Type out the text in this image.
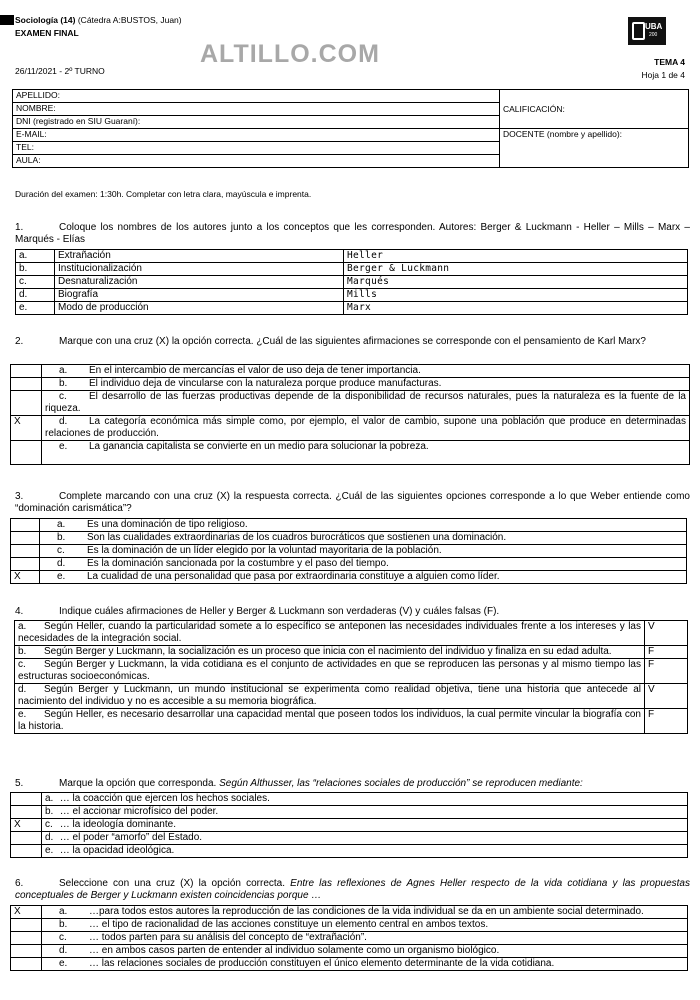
Sociología (14) (Cátedra A:BUSTOS, Juan)
EXAMEN FINAL
26/11/2021 - 2º TURNO
ALTILLO.COM
UBA
200
TEMA 4
Hoja 1 de 4
APELLIDO:	CALIFICACIÓN:
NOMBRE:	
DNI (registrado en SIU Guaraní):	
E-MAIL:	DOCENTE (nombre y apellido):
TEL:	
AULA:	
Duración del examen: 1:30h. Completar con letra clara, mayúscula e imprenta.
1.	Coloque los nombres de los autores junto a los conceptos que les corresponden. Autores: Berger & Luckmann - Heller – Mills – Marx – Marqués - Elías
a.	Extrañación	Heller
b.	Institucionalización	Berger & Luckmann
c.	Desnaturalización	Marqués
d.	Biografía	Mills
e.	Modo de producción	Marx
2.	Marque con una cruz (X) la opción correcta. ¿Cuál de las siguientes afirmaciones se corresponde con el pensamiento de Karl Marx?
	a. En el intercambio de mercancías el valor de uso deja de tener importancia.
	b. El individuo deja de vincularse con la naturaleza porque produce manufacturas.
	c. El desarrollo de las fuerzas productivas depende de la disponibilidad de recursos naturales, pues la naturaleza es la fuente de la riqueza.
X	d. La categoría económica más simple como, por ejemplo, el valor de cambio, supone una población que produce en determinadas relaciones de producción.
	e. La ganancia capitalista se convierte en un medio para solucionar la pobreza.
3.	Complete marcando con una cruz (X) la respuesta correcta. ¿Cuál de las siguientes opciones corresponde a lo que Weber entiende como “dominación carismática”?
	a. Es una dominación de tipo religioso.
	b. Son las cualidades extraordinarias de los cuadros burocráticos que sostienen una dominación.
	c. Es la dominación de un líder elegido por la voluntad mayoritaria de la población.
	d. Es la dominación sancionada por la costumbre y el paso del tiempo.
X	e. La cualidad de una personalidad que pasa por extraordinaria constituye a alguien como líder.
4.	Indique cuáles afirmaciones de Heller y Berger & Luckmann son verdaderas (V) y cuáles falsas (F).
a. Según Heller, cuando la particularidad somete a lo específico se anteponen las necesidades individuales frente a los intereses y las necesidades de la integración social.	V
b. Según Berger y Luckmann, la socialización es un proceso que inicia con el nacimiento del individuo y finaliza en su edad adulta.	F
c. Según Berger y Luckmann, la vida cotidiana es el conjunto de actividades en que se reproducen las personas y al mismo tiempo las estructuras socioeconómicas.	F
d. Según Berger y Luckmann, un mundo institucional se experimenta como realidad objetiva, tiene una historia que antecede al nacimiento del individuo y no es accesible a su memoria biográfica.	V
e. Según Heller, es necesario desarrollar una capacidad mental que poseen todos los individuos, la cual permite vincular la biografía con la historia.	F
5.	Marque la opción que corresponda. Según Althusser, las “relaciones sociales de producción” se reproducen mediante:
	a. … la coacción que ejercen los hechos sociales.
	b. … el accionar microfísico del poder.
X	c. … la ideología dominante.
	d. … el poder “amorfo” del Estado.
	e. … la opacidad ideológica.
6.	Seleccione con una cruz (X) la opción correcta. Entre las reflexiones de Agnes Heller respecto de la vida cotidiana y las propuestas conceptuales de Berger y Luckmann existen coincidencias porque …
X	a. …para todos estos autores la reproducción de las condiciones de la vida individual se da en un ambiente social determinado.
	b. … el tipo de racionalidad de las acciones constituye un elemento central en ambos textos.
	c. … todos parten para su análisis del concepto de “extrañación”.
	d. … en ambos casos parten de entender al individuo solamente como un organismo biológico.
	e. … las relaciones sociales de producción constituyen el único elemento determinante de la vida cotidiana.
